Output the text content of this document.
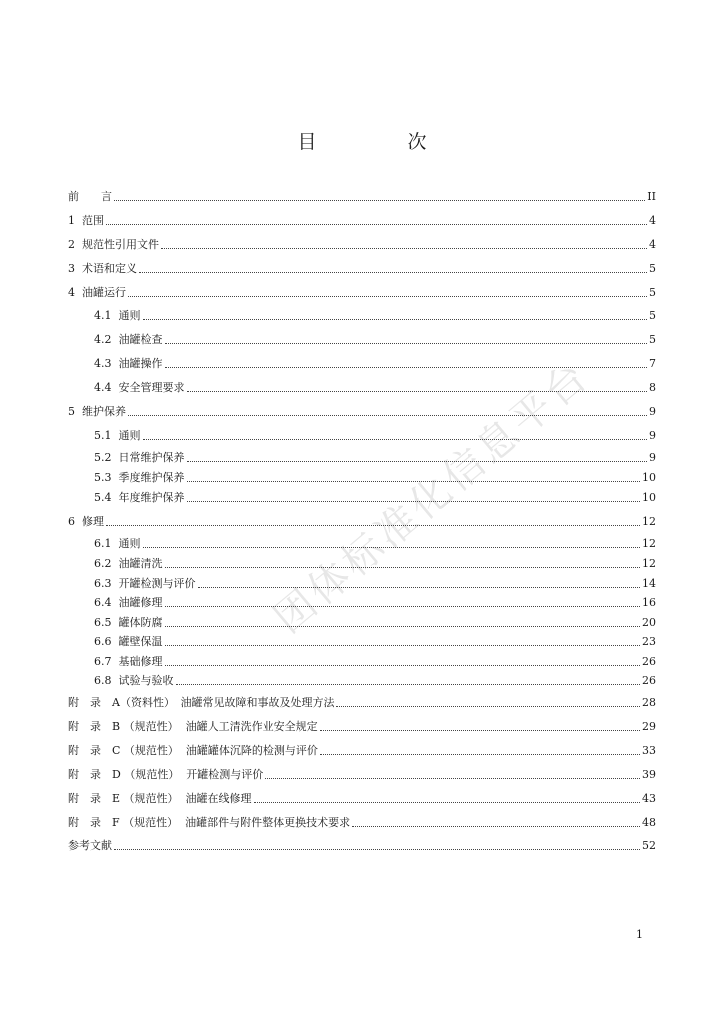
目　次
团体标准化信息平台
前　　言	II
1  范围	4
2  规范性引用文件	4
3  术语和定义	5
4  油罐运行	5
4.1  通则	5
4.2  油罐检查	5
4.3  油罐操作	7
4.4  安全管理要求	8
5  维护保养	9
5.1  通则	9
5.2  日常维护保养	9
5.3  季度维护保养	10
5.4  年度维护保养	10
6  修理	12
6.1  通则	12
6.2  油罐清洗	12
6.3  开罐检测与评价	14
6.4  油罐修理	16
6.5  罐体防腐	20
6.6  罐壁保温	23
6.7  基础修理	26
6.8  试验与验收	26
附　录　A（资料性）　油罐常见故障和事故及处理方法	28
附　录　B （规范性）  油罐人工清洗作业安全规定	29
附　录　C （规范性）  油罐罐体沉降的检测与评价	33
附　录　D （规范性）  开罐检测与评价	39
附　录　E （规范性）  油罐在线修理	43
附　录　F （规范性）  油罐部件与附件整体更换技术要求	48
参考文献	52
1
